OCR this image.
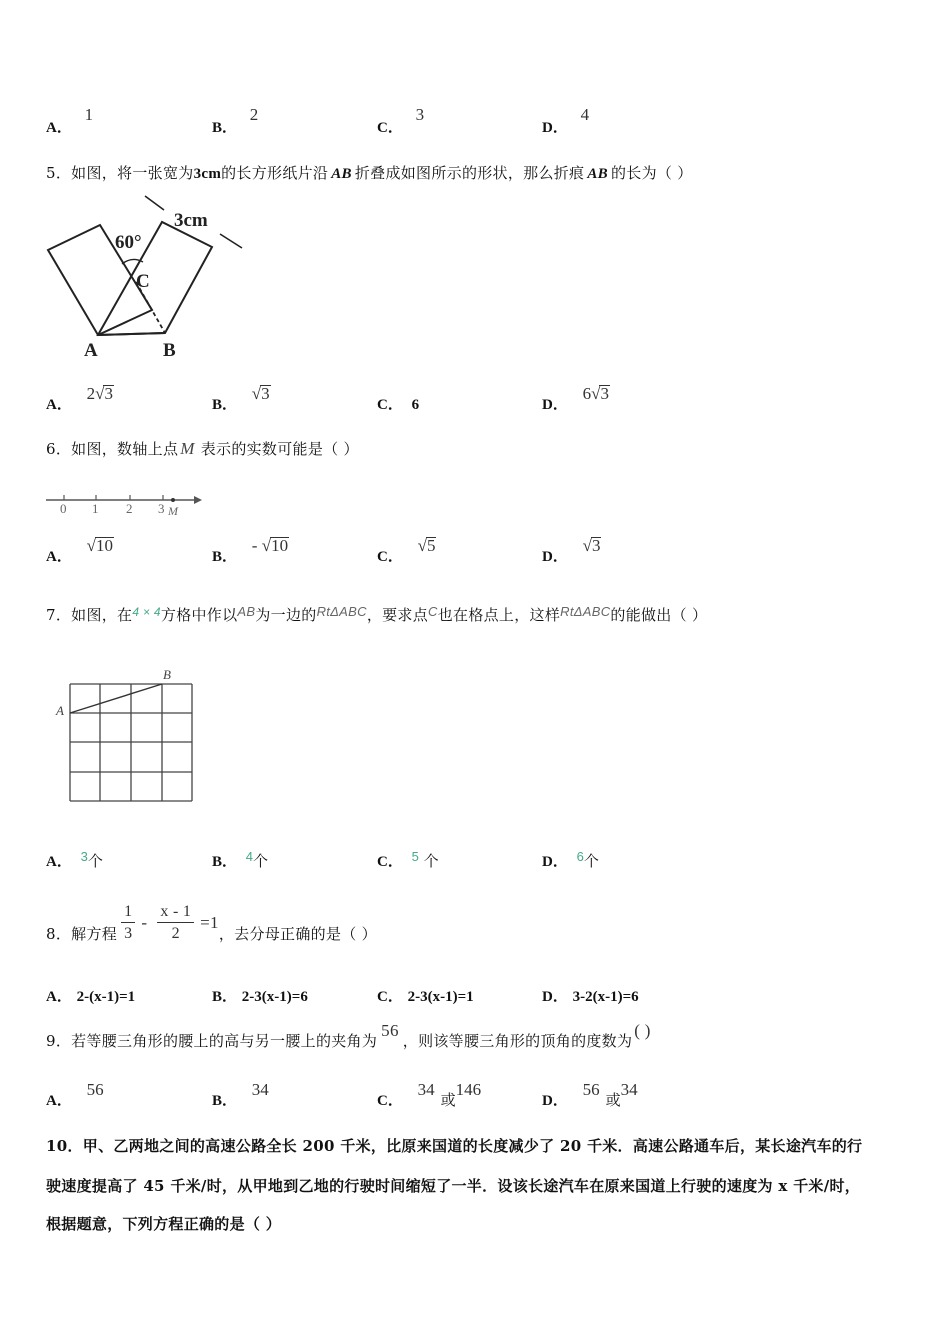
A． 1
B． 2
C． 3
D． 4
5．如图，将一张宽为3cm的长方形纸片沿 AB 折叠成如图所示的形状，那么折痕 AB 的长为（ ）
60°
3cm
C
A	B
A． 2√3
B． √3
C． 6	D． 6√3
6．如图，数轴上点 M 表示的实数可能是（ ）
0 1 2 3 M
A． √10
B． - √10
C． √5
D． √3
7．如图，在$^{4 \times 4}$方格中作以AB为一边的RtΔABC，要求点C也在格点上，这样RtΔABC的能做出（ ）
A
B
A． 3个	B． 4个	C． 5 个	D． 6个
8． 解方程 $\frac{1}{3} - \frac{x - 1}{2} =1$
，去分母正确的是（ ）
A． 2-(x-1)=1	B． 2-3(x-1)=6	C． 2-3(x-1)=1	D． 3-2(x-1)=6
9．若等腰三角形的腰上的高与另一腰上的夹角为56，则该等腰三角形的顶角的度数为( )
A． 56
B． 34
C． 34或146
D． 56或34
10．甲、乙两地之间的高速公路全长 200 千米，比原来国道的长度减少了 20 千米．高速公路通车后，某长途汽车的行
驶速度提高了 45 千米/时，从甲地到乙地的行驶时间缩短了一半．设该长途汽车在原来国道上行驶的速度为 x 千米/时，
根据题意，下列方程正确的是（ ）
